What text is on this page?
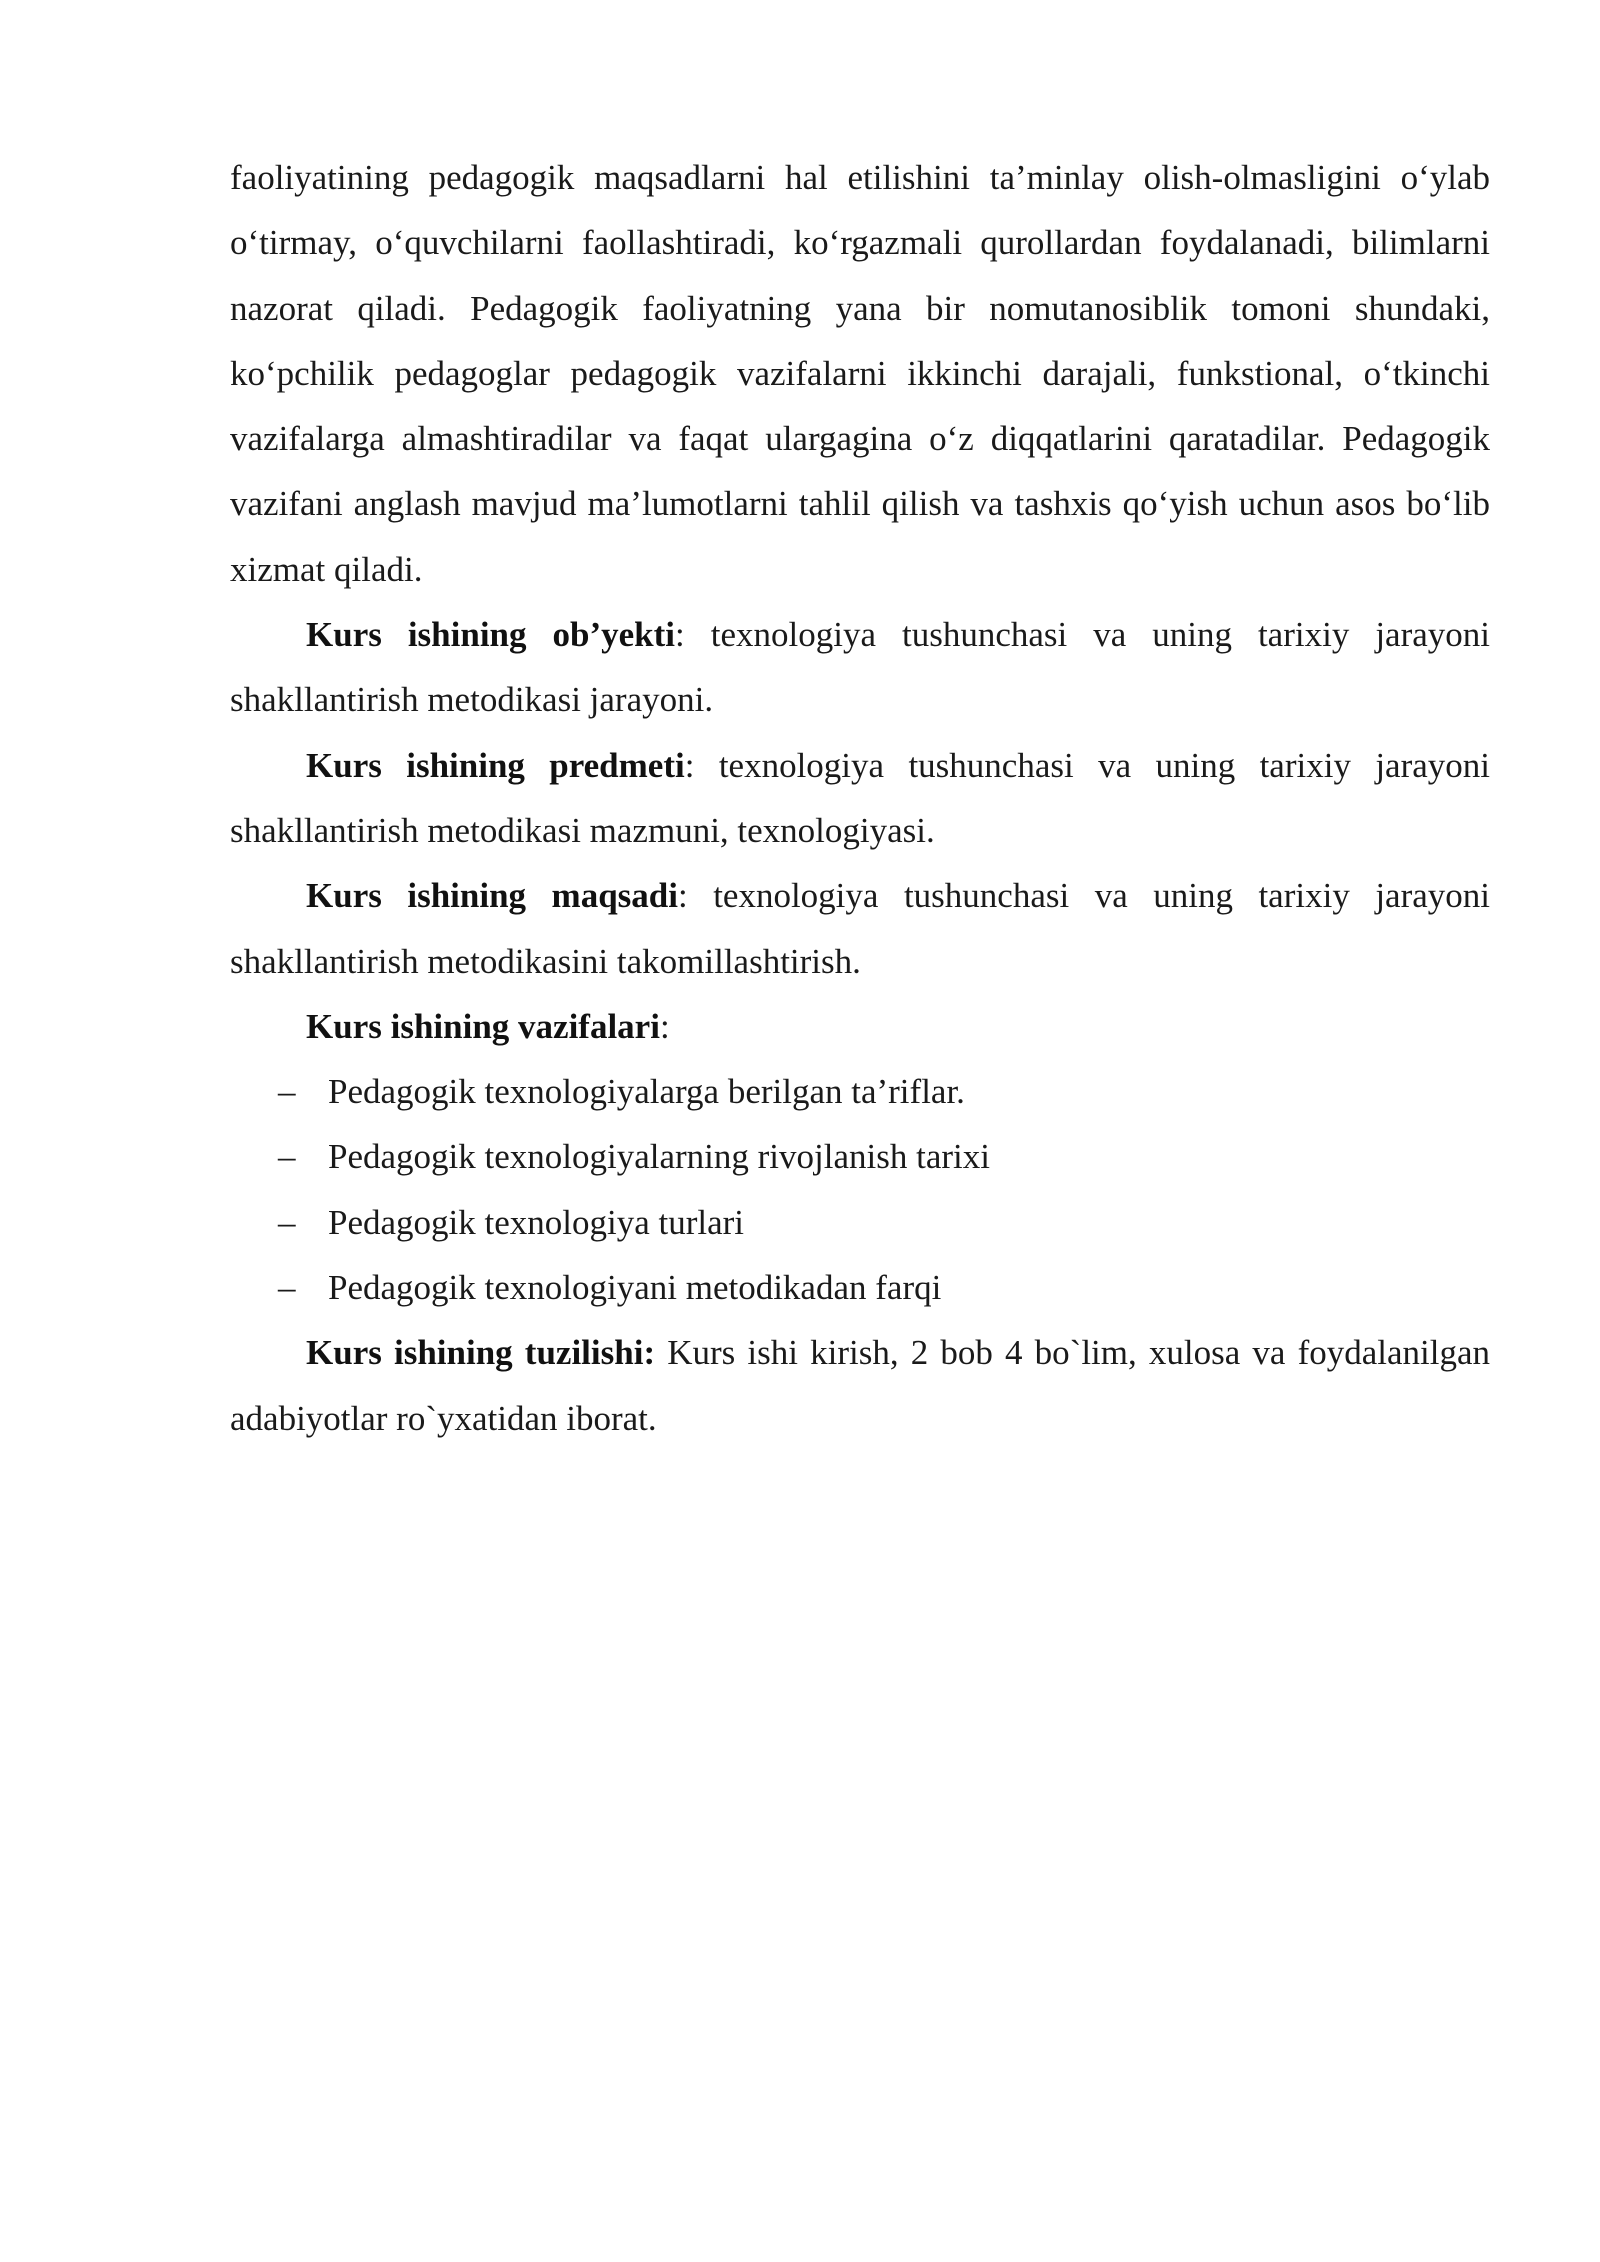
faoliyatining pedagogik maqsadlarni hal etilishini ta’minlay olish-olmasligini o‘ylab o‘tirmay, o‘quvchilarni faollashtiradi, ko‘rgazmali qurollardan foydalanadi, bilimlarni nazorat qiladi. Pedagogik faoliyatning yana bir nomutanosiblik tomoni shundaki, ko‘pchilik pedagoglar pedagogik vazifalarni ikkinchi darajali, funkstional, o‘tkinchi vazifalarga almashtiradilar va faqat ulargagina o‘z diqqatlarini qaratadilar. Pedagogik vazifani anglash mavjud ma’lumotlarni tahlil qilish va tashxis qo‘yish uchun asos bo‘lib xizmat qiladi.

Kurs ishining ob’yekti: texnologiya tushunchasi va uning tarixiy jarayoni shakllantirish metodikasi jarayoni.

Kurs ishining predmeti: texnologiya tushunchasi va uning tarixiy jarayoni shakllantirish metodikasi mazmuni, texnologiyasi.

Kurs ishining maqsadi: texnologiya tushunchasi va uning tarixiy jarayoni shakllantirish metodikasini takomillashtirish.

Kurs ishining vazifalari:

– Pedagogik texnologiyalarga berilgan ta’riflar.
– Pedagogik texnologiyalarning rivojlanish tarixi
– Pedagogik texnologiya turlari
– Pedagogik texnologiyani metodikadan farqi

Kurs ishining tuzilishi: Kurs ishi kirish, 2 bob 4 bo`lim, xulosa va foydalanilgan adabiyotlar ro`yxatidan iborat.
